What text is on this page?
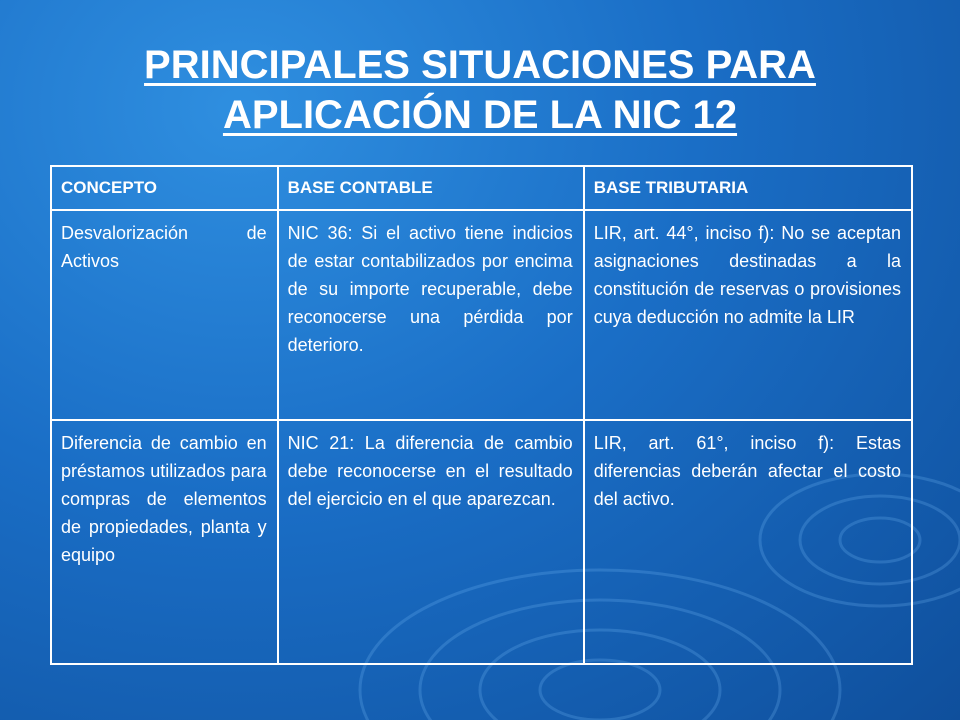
PRINCIPALES SITUACIONES PARA
APLICACIÓN DE LA NIC 12
CONCEPTO	BASE CONTABLE	BASE TRIBUTARIA
Desvalorización de Activos	NIC 36: Si el activo tiene indicios de estar contabilizados por encima de su importe recuperable, debe reconocerse una pérdida por deterioro.	LIR, art. 44°, inciso f): No se aceptan asignaciones destinadas a la constitución de reservas o provisiones cuya deducción no admite la LIR
Diferencia de cambio en préstamos utilizados para compras de elementos de propiedades, planta y equipo	NIC 21: La diferencia de cambio debe reconocerse en el resultado del ejercicio en el que aparezcan.	LIR, art. 61°, inciso f): Estas diferencias deberán afectar el costo del activo.
